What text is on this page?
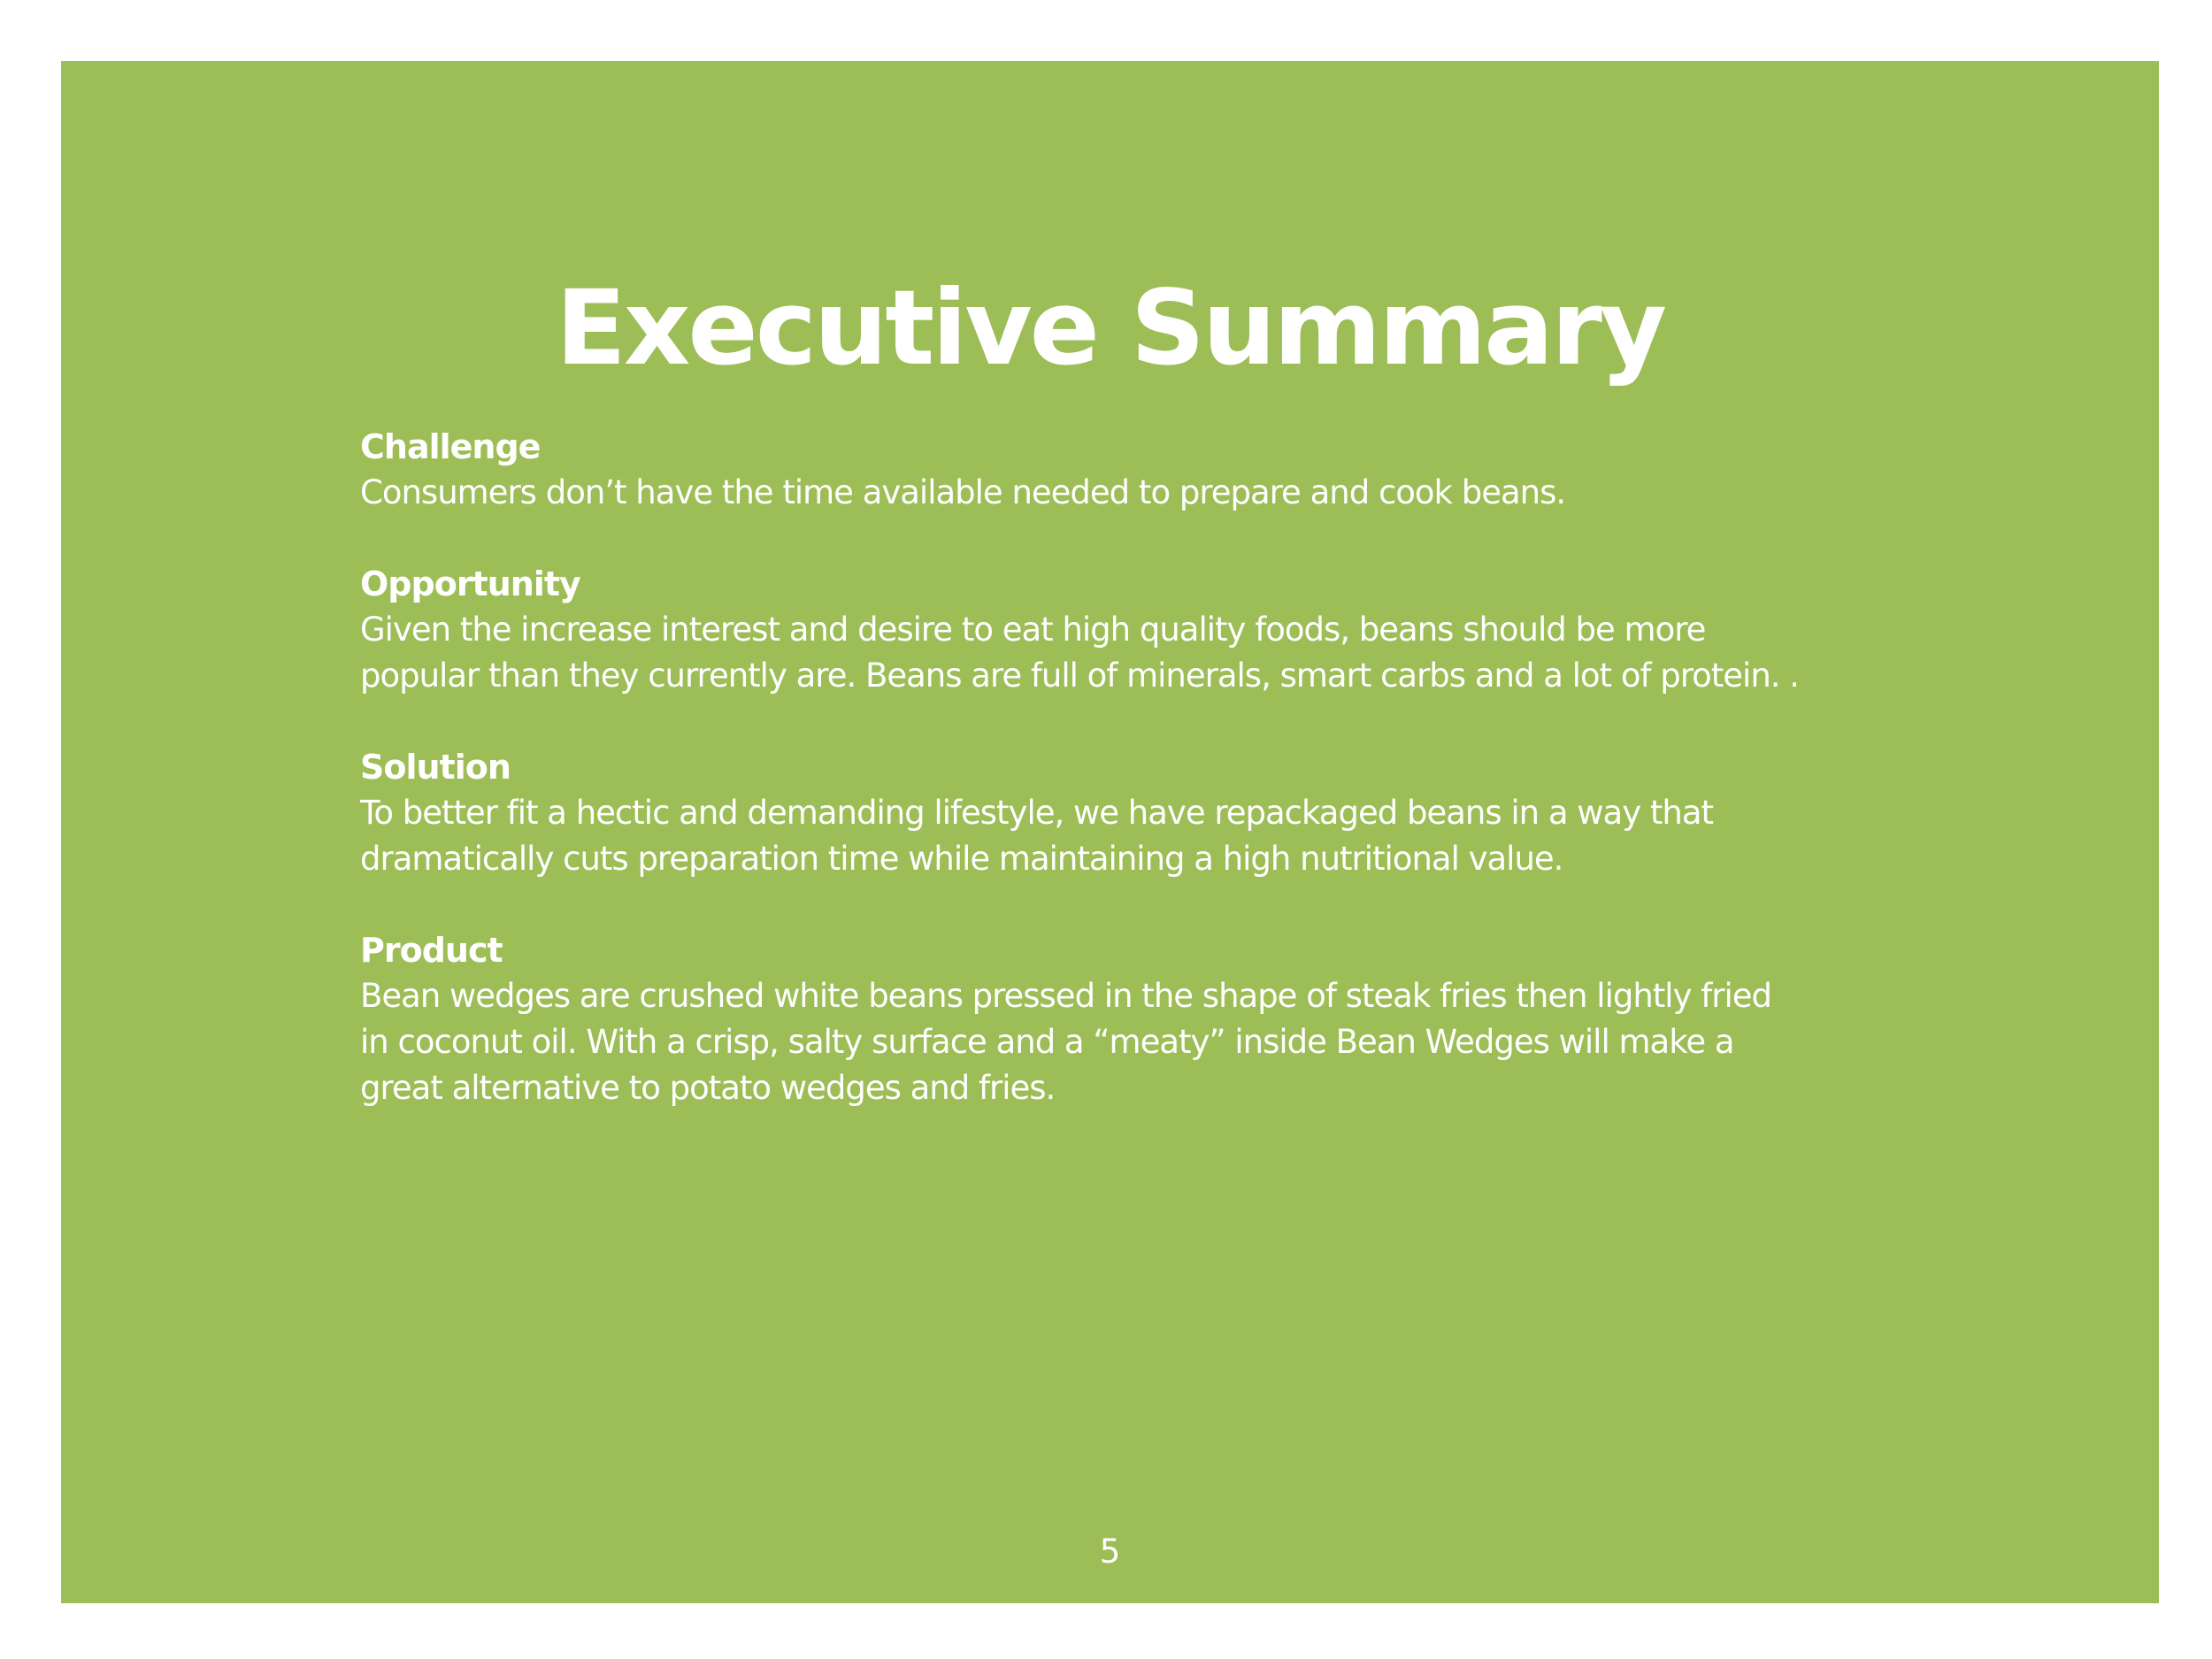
Executive Summary
Challenge
Consumers don’t have the time available needed to prepare and cook beans.
Opportunity
Given the increase interest and desire to eat high quality foods, beans should be more
popular than they currently are. Beans are full of minerals, smart carbs and a lot of protein. .
Solution
To better fit a hectic and demanding lifestyle, we have repackaged beans in a way that
dramatically cuts preparation time while maintaining a high nutritional value.
Product
Bean wedges are crushed white beans pressed in the shape of steak fries then lightly fried
in coconut oil. With a crisp, salty surface and a “meaty” inside Bean Wedges will make a
great alternative to potato wedges and fries.
5
